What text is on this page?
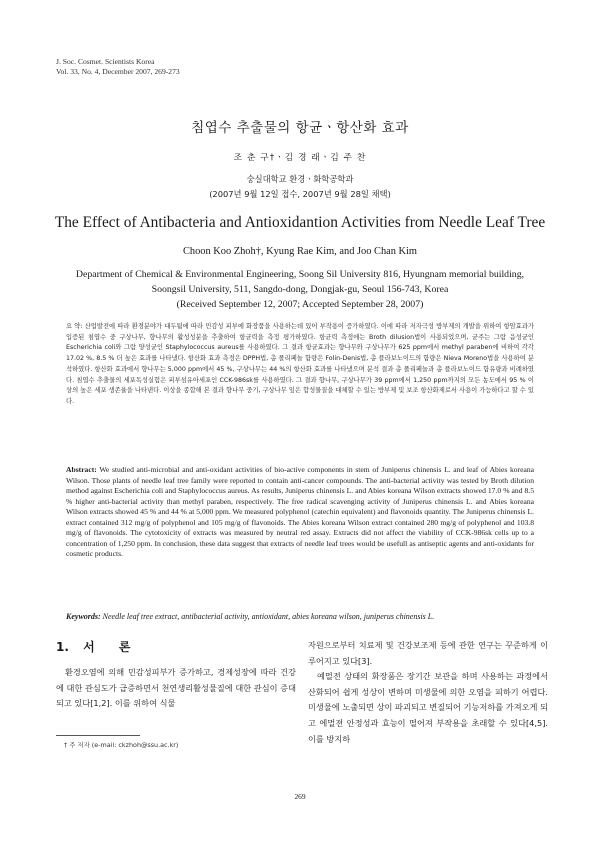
J. Soc. Cosmet. Scientists Korea
Vol. 33, No. 4, December 2007, 269-273
침엽수 추출물의 항균ㆍ항산화 효과
조 춘 구†ㆍ김 경 래ㆍ김 주 찬
숭실대학교 환경ㆍ화학공학과
(2007년 9월 12일 접수, 2007년 9월 28일 채택)
The Effect of Antibacteria and Antioxidantion Activities from Needle Leaf Tree
Choon Koo Zhoh†, Kyung Rae Kim, and Joo Chan Kim
Department of Chemical & Environmental Engineering, Soong Sil University 816, Hyungnam memorial building,
Soongsil University, 511, Sangdo-dong, Dongjak-gu, Seoul 156-743, Korea
(Received September 12, 2007; Accepted September 28, 2007)
요 약: 산업발전에 따라 환경분야가 대두됨에 따라 민감성 피부에 화장품을 사용하는데 있어 부작용이 증가하였다. 이에 따라 저자극성 방부제의 개발을 위하여 항암효과가 입증된 침엽수 중 구상나무, 향나무의 활성성분을 추출하여 항균력을 측정 평가하였다. 항균력 측정에는 Broth dilusion법이 사용되었으며, 균주는 그람 음성균인 Escherichia coli와 그람 양성균인 Staphylococcus aureus를 사용하였다. 그 결과 항균효과는 향나무와 구상나무가 625 ppm에서 methyl paraben에 비하여 각각 17.02 %, 8.5 % 더 높은 효과를 나타냈다. 항산화 효과 측정은 DPPH법, 총 폴리페놀 함량은 Folin-Denis법, 총 플라보노이드의 함량은 Nieva Moreno법을 사용하여 분석하였다. 항산화 효과에서 향나무는 5,000 ppm에서 45 %, 구상나무는 44 %의 항산화 효과를 나타냈으며 분석 결과 총 폴리페놀과 총 플라보노이드 함유량과 비례하였다. 침엽수 추출물의 세포독성실험은 피부섬유아세포인 CCK-986sk를 사용하였다. 그 결과 향나무, 구상나무가 39 ppm에서 1,250 ppm까지의 모든 농도에서 95 % 이상의 높은 세포 생존율을 나타낸다. 이상을 종합해 본 결과 향나무 중기, 구상나무 잎은 합성물질을 대체할 수 있는 방부제 및 보조 항산화제로서 사용이 가능하다고 할 수 있다.
Abstract: We studied anti-microbial and anti-oxidant activities of bio-active components in stem of Juniperus chinensis L. and leaf of Abies koreana Wilson. Those plants of needle leaf tree family were reported to contain anti-cancer compounds. The anti-bacterial activity was tested by Broth dilution method against Escherichia coli and Staphylococcus aureus. As results, Juniperus chinensis L. and Abies koreana Wilson extracts showed 17.0 % and 8.5 % higher anti-bacterial activity than methyl paraben, respectively. The free radical scavenging activity of Juniperus chinensis L. and Abies koreana Wilson extracts showed 45 % and 44 % at 5,000 ppm. We measured polyphenol (catechin equivalent) and flavonoids quantity. The Juniperus chinensis L. extract contained 312 mg/g of polyphenol and 105 mg/g of flavonoids. The Abies koreana Wilson extract contained 280 mg/g of polyphenol and 103.8 mg/g of flavonoids. The cytotoxicity of extracts was measured by neutral red assay. Extracts did not affect the viability of CCK-986sk cells up to a concentration of 1,250 ppm. In conclusion, these data suggest that extracts of needle leaf trees would be usefull as antiseptic agents and anti-oxidants for cosmetic products.
Keywords: Needle leaf tree extract, antibacterial activity, antioxidant, abies koreana wilson, juniperus chinensis L.
1. 서 론

환경오염에 의해 민감성피부가 증가하고, 경제성장에 따라 건강에 대한 관심도가 급증하면서 천연생리활성물질에 대한 관심이 증대되고 있다[1,2]. 이를 위하여 식물

자원으로부터 치료제 및 건강보조제 등에 관한 연구는 꾸준하게 이루어지고 있다[3].

예멀전 상태의 화장품은 장기간 보관을 하며 사용하는 과정에서 산화되어 쉽게 성상이 변하며 미생물에 의한 오염을 피하기 어렵다. 미생물에 노출되면 상이 파괴되고 변질되어 기능저하를 가져오게 되고 에멀젼 안정성과 효능이 떨어져 부작용을 초래할 수 있다[4,5]. 이를 방지하

† 주 저자 (e-mail: ckzhoh@ssu.ac.kr)
269
